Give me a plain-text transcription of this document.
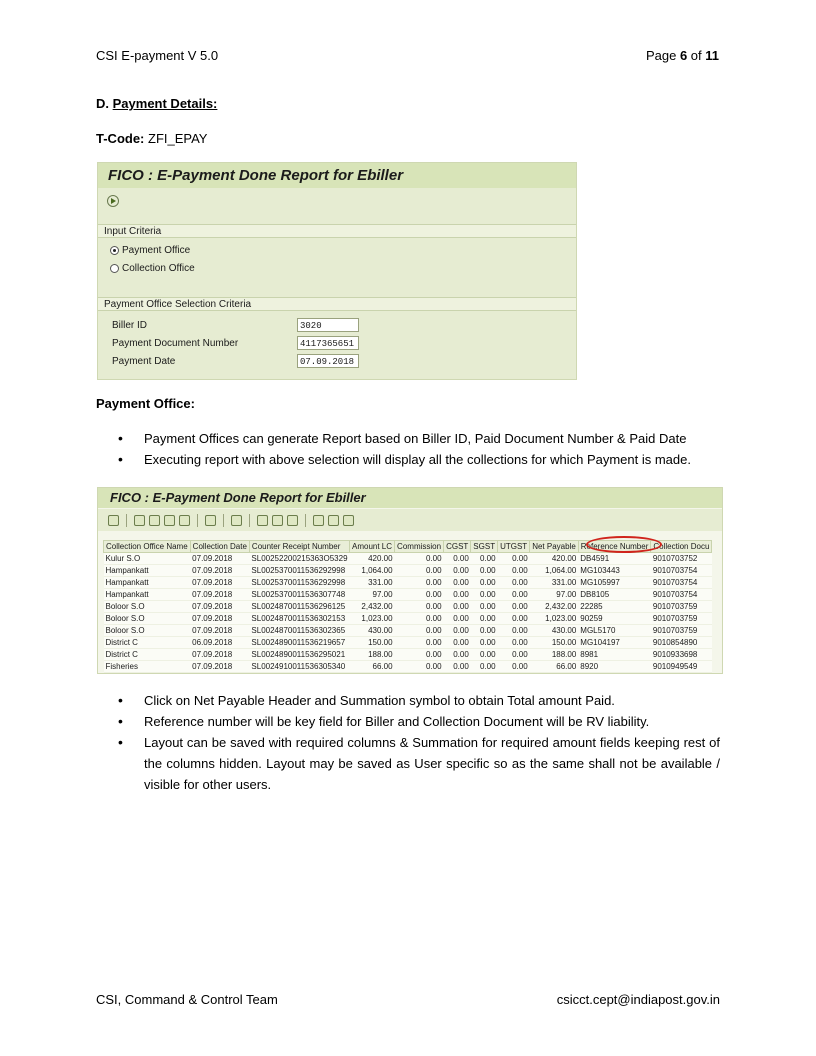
CSI E-payment V 5.0	Page 6 of 11
D. Payment Details:
T-Code: ZFI_EPAY
FICO : E-Payment Done Report for Ebiller
Input Criteria
Payment Office
Collection Office
Payment Office Selection Criteria
Biller ID	3020
Payment Document Number	4117365651
Payment Date	07.09.2018
Payment Office:
• Payment Offices can generate Report based on Biller ID, Paid Document Number & Paid Date
• Executing report with above selection will display all the collections for which Payment is made.
FICO : E-Payment Done Report for Ebiller
Collection Office Name	Collection Date	Counter Receipt Number	Amount LC	Commission	CGST	SGST	UTGST	Net Payable	Reference Number	Collection Docu
Kulur S.O	07.09.2018	SL00252200215363O5329	420.00	0.00	0.00	0.00	0.00	420.00	DB4591	9010703752
Hampankatt	07.09.2018	SL0025370011536292998	1,064.00	0.00	0.00	0.00	0.00	1,064.00	MG103443	9010703754
Hampankatt	07.09.2018	SL0025370011536292998	331.00	0.00	0.00	0.00	0.00	331.00	MG105997	9010703754
Hampankatt	07.09.2018	SL0025370011536307748	97.00	0.00	0.00	0.00	0.00	97.00	DB8105	9010703754
Boloor S.O	07.09.2018	SL0024870011536296125	2,432.00	0.00	0.00	0.00	0.00	2,432.00	22285	9010703759
Boloor S.O	07.09.2018	SL0024870011536302153	1,023.00	0.00	0.00	0.00	0.00	1,023.00	90259	9010703759
Boloor S.O	07.09.2018	SL0024870011536302365	430.00	0.00	0.00	0.00	0.00	430.00	MGL5170	9010703759
District C	06.09.2018	SL0024890011536219657	150.00	0.00	0.00	0.00	0.00	150.00	MG104197	9010854890
District C	07.09.2018	SL0024890011536295021	188.00	0.00	0.00	0.00	0.00	188.00	8981	9010933698
Fisheries	07.09.2018	SL0024910011536305340	66.00	0.00	0.00	0.00	0.00	66.00	8920	9010949549
• Click on Net Payable Header and Summation symbol to obtain Total amount Paid.
• Reference number will be key field for Biller and Collection Document will be RV liability.
• Layout can be saved with required columns & Summation for required amount fields keeping rest of the columns hidden. Layout may be saved as User specific so as the same shall not be available / visible for other users.
CSI, Command & Control Team	csicct.cept@indiapost.gov.in
